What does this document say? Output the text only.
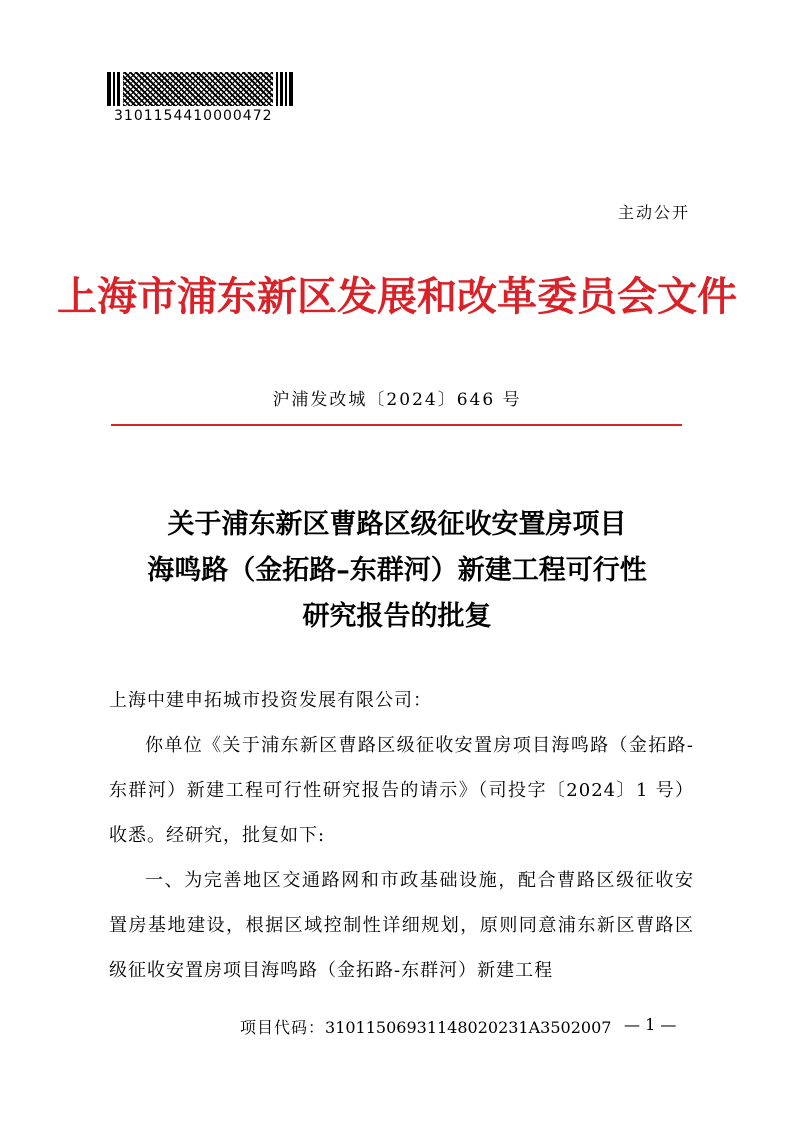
3101154410000472
主动公开
上海市浦东新区发展和改革委员会文件
沪浦发改城〔2024〕646 号
关于浦东新区曹路区级征收安置房项目
海鸣路（金拓路–东群河）新建工程可行性
研究报告的批复

上海中建申拓城市投资发展有限公司：

你单位《关于浦东新区曹路区级征收安置房项目海鸣路（金拓路-东群河）新建工程可行性研究报告的请示》（司投字〔2024〕1 号）收悉。经研究，批复如下:

一、为完善地区交通路网和市政基础设施，配合曹路区级征收安置房基地建设，根据区域控制性详细规划，原则同意浦东新区曹路区级征收安置房项目海鸣路（金拓路-东群河）新建工程

项目代码：31011506931148020231A3502007 — 1 —
